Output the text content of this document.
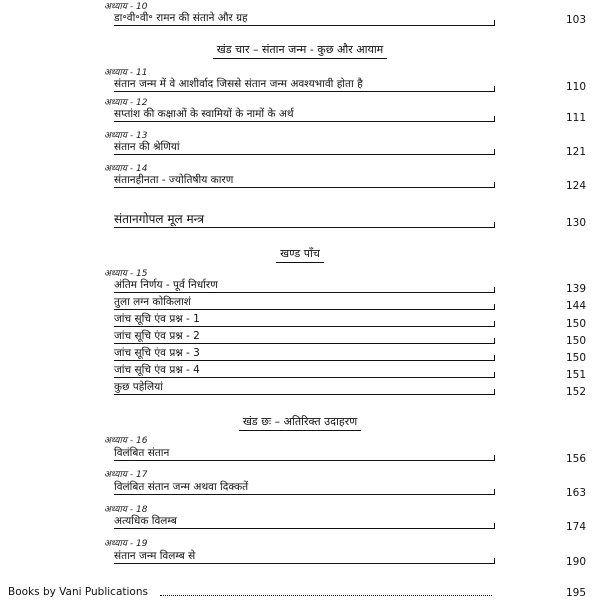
अध्याय - 10
डा॰वी॰वी॰ रामन की संताने और ग्रह	103
खंड चार – संतान जन्म - कुछ और आयाम
अध्याय - 11
संतान जन्म में वे आशीर्वाद जिससे संतान जन्म अवश्यभावी होता है	110
अध्याय - 12
सप्तांश की कक्षाओं के स्वामियों के नामों के अर्थ	111
अध्याय - 13
संतान की श्रेणियां	121
अध्याय - 14
संतानहीनता - ज्योतिषीय कारण	124
संतानगोपल मूल मन्त्र	130
खण्ड पाँच
अध्याय - 15
अंतिम निर्णय - पूर्व निर्धारण	139
तुला लग्न कोकिलाशं	144
जांच सूचि एंव प्रश्न - 1	150
जांच सूचि एंव प्रश्न - 2	150
जांच सूचि एंव प्रश्न - 3	150
जांच सूचि एंव प्रश्न - 4	151
कुछ पहेलियां	152
खंड छः – अतिरिक्त उदाहरण
अध्याय - 16
विलंबित संतान	156
अध्याय - 17
विलंबित संतान जन्म अथवा दिक्कतें	163
अध्याय - 18
अत्यधिक विलम्ब	174
अध्याय - 19
संतान जन्म विलम्ब से	190
Books by Vani Publications	195
